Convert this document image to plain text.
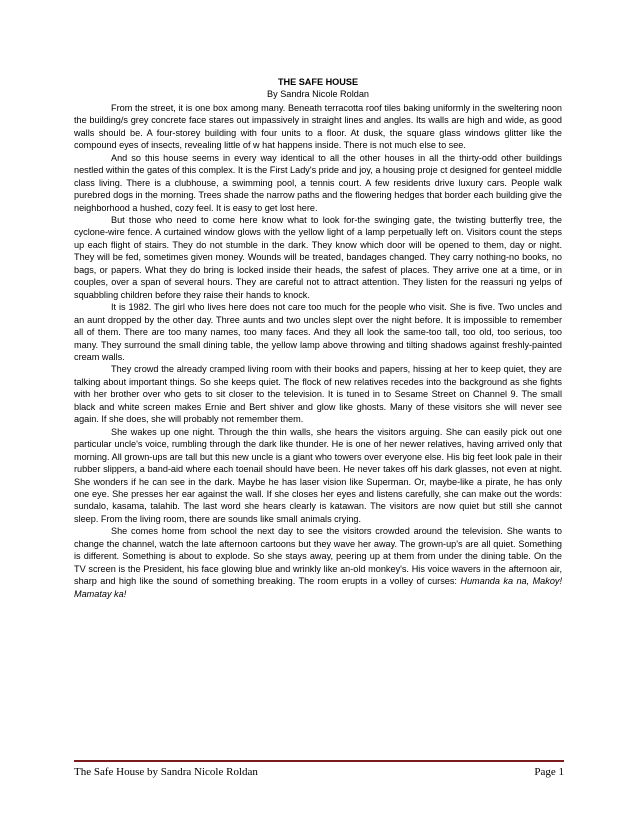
THE SAFE HOUSE

By Sandra Nicole Roldan

From the street, it is one box among many. Beneath terracotta roof tiles baking uniformly in the sweltering noon the building/s grey concrete face stares out impassively in straight lines and angles. Its walls are high and wide, as good walls should be. A four-storey building with four units to a floor. At dusk, the square glass windows glitter like the compound eyes of insects, revealing little of w hat happens inside. There is not much else to see.

And so this house seems in every way identical to all the other houses in all the thirty-odd other buildings nestled within the gates of this complex. It is the First Lady's pride and joy, a housing proje ct designed for genteel middle class living. There is a clubhouse, a swimming pool, a tennis court. A few residents drive luxury cars. People walk purebred dogs in the morning. Trees shade the narrow paths and the flowering hedges that border each building give the neighborhood a hushed, cozy feel. It is easy to get lost here.

But those who need to come here know what to look for-the swinging gate, the twisting butterfly tree, the cyclone-wire fence. A curtained window glows with the yellow light of a lamp perpetually left on. Visitors count the steps up each flight of stairs. They do not stumble in the dark. They know which door will be opened to them, day or night. They will be fed, sometimes given money. Wounds will be treated, bandages changed. They carry nothing-no books, no bags, or papers. What they do bring is locked inside their heads, the safest of places. They arrive one at a time, or in couples, over a span of several hours. They are careful not to attract attention. They listen for the reassuri ng yelps of squabbling children before they raise their hands to knock.

It is 1982. The girl who lives here does not care too much for the people who visit. She is five. Two uncles and an aunt dropped by the other day. Three aunts and two uncles slept over the night before. It is impossible to remember all of them. There are too many names, too many faces. And they all look the same-too tall, too old, too serious, too many. They surround the small dining table, the yellow lamp above throwing and tilting shadows against freshly-painted cream walls.

They crowd the already cramped living room with their books and papers, hissing at her to keep quiet, they are talking about important things. So she keeps quiet. The flock of new relatives recedes into the background as she fights with her brother over who gets to sit closer to the television. It is tuned in to Sesame Street on Channel 9. The small black and white screen makes Ernie and Bert shiver and glow like ghosts. Many of these visitors she will never see again. If she does, she will probably not remember them.

She wakes up one night. Through the thin walls, she hears the visitors arguing. She can easily pick out one particular uncle's voice, rumbling through the dark like thunder. He is one of her newer relatives, having arrived only that morning. All grown-ups are tall but this new uncle is a giant who towers over everyone else. His big feet look pale in their rubber slippers, a band-aid where each toenail should have been. He never takes off his dark glasses, not even at night. She wonders if he can see in the dark. Maybe he has laser vision like Superman. Or, maybe-like a pirate, he has only one eye. She presses her ear against the wall. If she closes her eyes and listens carefully, she can make out the words: sundalo, kasama, talahib. The last word she hears clearly is katawan. The visitors are now quiet but still she cannot sleep. From the living room, there are sounds like small animals crying.

She comes home from school the next day to see the visitors crowded around the television. She wants to change the channel, watch the late afternoon cartoons but they wave her away. The grown-up's are all quiet. Something is different. Something is about to explode. So she stays away, peering up at them from under the dining table. On the TV screen is the President, his face glowing blue and wrinkly like an-old monkey's. His voice wavers in the afternoon air, sharp and high like the sound of something breaking. The room erupts in a volley of curses: Humanda ka na, Makoy! Mamatay ka!

The Safe House by Sandra Nicole Roldan	Page 1
